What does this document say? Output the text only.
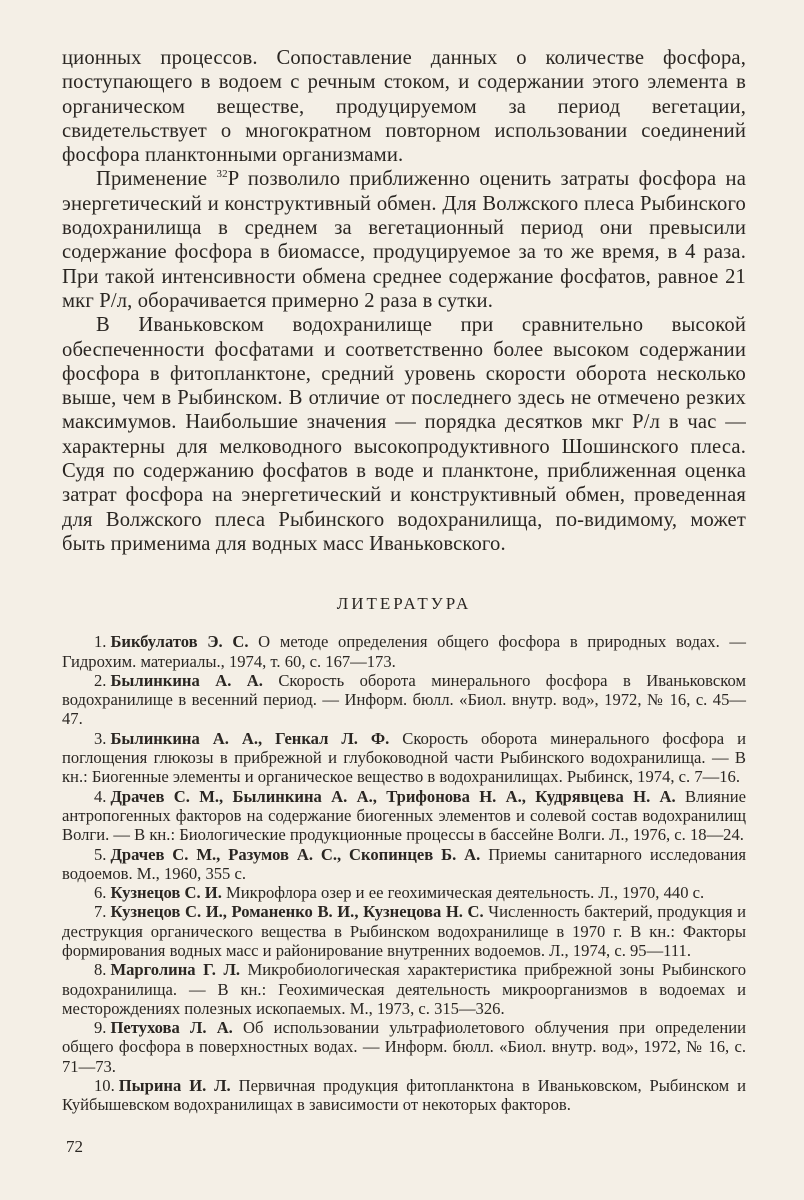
ционных процессов. Сопоставление данных о количестве фосфора, поступающего в водоем с речным стоком, и содержании этого элемента в органическом веществе, продуцируемом за период вегетации, свидетельствует о многократном повторном использовании соединений фосфора планктонными организмами.

Применение $^{32}$P позволило приближенно оценить затраты фосфора на энергетический и конструктивный обмен. Для Волжского плеса Рыбинского водохранилища в среднем за вегетационный период они превысили содержание фосфора в биомассе, продуцируемое за то же время, в 4 раза. При такой интенсивности обмена среднее содержание фосфатов, равное 21 мкг Р/л, оборачивается примерно 2 раза в сутки.

В Иваньковском водохранилище при сравнительно высокой обеспеченности фосфатами и соответственно более высоком содержании фосфора в фитопланктоне, средний уровень скорости оборота несколько выше, чем в Рыбинском. В отличие от последнего здесь не отмечено резких максимумов. Наибольшие значения — порядка десятков мкг Р/л в час — характерны для мелководного высокопродуктивного Шошинского плеса. Судя по содержанию фосфатов в воде и планктоне, приближенная оценка затрат фосфора на энергетический и конструктивный обмен, проведенная для Волжского плеса Рыбинского водохранилища, по-видимому, может быть применима для водных масс Иваньковского.

ЛИТЕРАТУРА
1. Бикбулатов Э. С. О методе определения общего фосфора в природных водах. — Гидрохим. материалы., 1974, т. 60, с. 167—173.
2. Былинкина А. А. Скорость оборота минерального фосфора в Иваньковском водохранилище в весенний период. — Информ. бюлл. «Биол. внутр. вод», 1972, № 16, с. 45—47.
3. Былинкина А. А., Генкал Л. Ф. Скорость оборота минерального фосфора и поглощения глюкозы в прибрежной и глубоководной части Рыбинского водохранилища. — В кн.: Биогенные элементы и органическое вещество в водохранилищах. Рыбинск, 1974, с. 7—16.
4. Драчев С. М., Былинкина А. А., Трифонова Н. А., Кудрявцева Н. А. Влияние антропогенных факторов на содержание биогенных элементов и солевой состав водохранилищ Волги. — В кн.: Биологические продукционные процессы в бассейне Волги. Л., 1976, с. 18—24.
5. Драчев С. М., Разумов А. С., Скопинцев Б. А. Приемы санитарного исследования водоемов. М., 1960, 355 с.
6. Кузнецов С. И. Микрофлора озер и ее геохимическая деятельность. Л., 1970, 440 с.
7. Кузнецов С. И., Романенко В. И., Кузнецова Н. С. Численность бактерий, продукция и деструкция органического вещества в Рыбинском водохранилище в 1970 г. В кн.: Факторы формирования водных масс и районирование внутренних водоемов. Л., 1974, с. 95—111.
8. Марголина Г. Л. Микробиологическая характеристика прибрежной зоны Рыбинского водохранилища. — В кн.: Геохимическая деятельность микроорганизмов в водоемах и месторождениях полезных ископаемых. М., 1973, с. 315—326.
9. Петухова Л. А. Об использовании ультрафиолетового облучения при определении общего фосфора в поверхностных водах. — Информ. бюлл. «Биол. внутр. вод», 1972, № 16, с. 71—73.
10. Пырина И. Л. Первичная продукция фитопланктона в Иваньковском, Рыбинском и Куйбышевском водохранилищах в зависимости от некоторых факторов.
72
